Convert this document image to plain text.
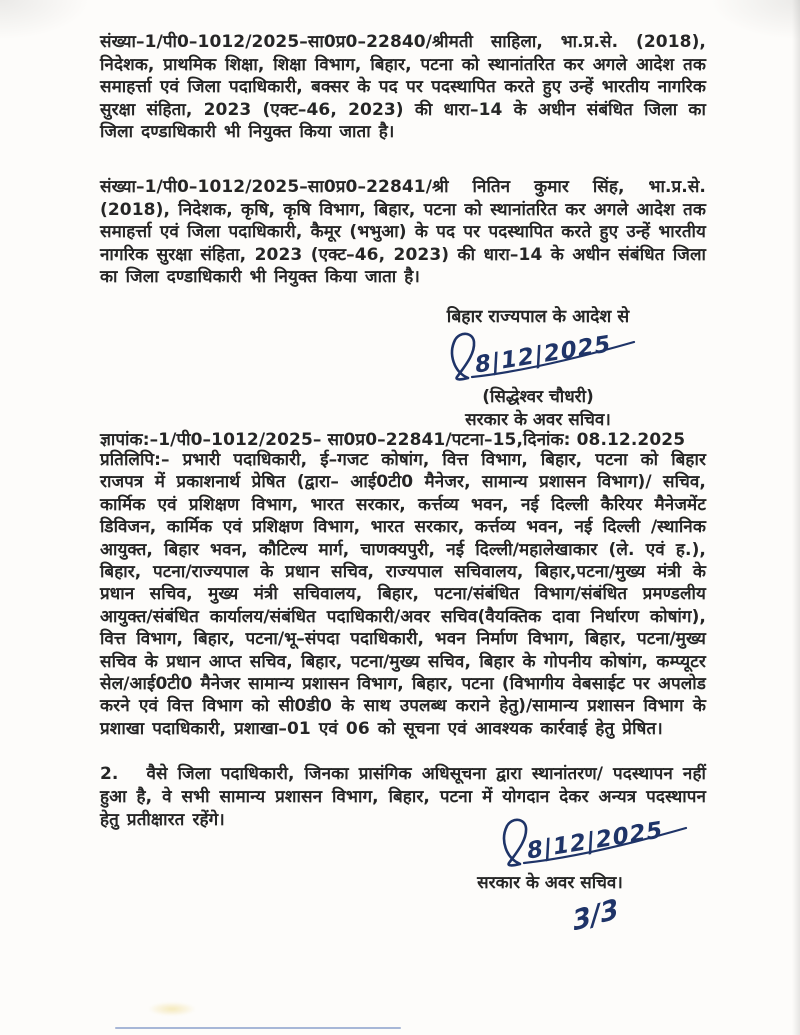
संख्या–1/पी0–1012/2025–सा0प्र0–22840/श्रीमती साहिला, भा.प्र.से. (2018), निदेशक, प्राथमिक शिक्षा, शिक्षा विभाग, बिहार, पटना को स्थानांतरित कर अगले आदेश तक समाहर्त्ता एवं जिला पदाधिकारी, बक्सर के पद पर पदस्थापित करते हुए उन्हें भारतीय नागरिक सुरक्षा संहिता, 2023 (एक्ट–46, 2023) की धारा–14 के अधीन संबंधित जिला का जिला दण्डाधिकारी भी नियुक्त किया जाता है।

संख्या–1/पी0–1012/2025–सा0प्र0–22841/श्री नितिन कुमार सिंह, भा.प्र.से. (2018), निदेशक, कृषि, कृषि विभाग, बिहार, पटना को स्थानांतरित कर अगले आदेश तक समाहर्त्ता एवं जिला पदाधिकारी, कैमूर (भभुआ) के पद पर पदस्थापित करते हुए उन्हें भारतीय नागरिक सुरक्षा संहिता, 2023 (एक्ट–46, 2023) की धारा–14 के अधीन संबंधित जिला का जिला दण्डाधिकारी भी नियुक्त किया जाता है।

बिहार राज्यपाल के आदेश से
8|12|2025
(सिद्धेश्वर चौधरी)
सरकार के अवर सचिव।
ज्ञापांक:–1/पी0–1012/2025– सा0प्र0–22841/पटना–15,दिनांक: 08.12.2025

प्रतिलिपि:– प्रभारी पदाधिकारी, ई–गजट कोषांग, वित्त विभाग, बिहार, पटना को बिहार राजपत्र में प्रकाशनार्थ प्रेषित (द्वारा– आई0टी0 मैनेजर, सामान्य प्रशासन विभाग)/ सचिव, कार्मिक एवं प्रशिक्षण विभाग, भारत सरकार, कर्त्तव्य भवन, नई दिल्ली कैरियर मैनेजमेंट डिविजन, कार्मिक एवं प्रशिक्षण विभाग, भारत सरकार, कर्त्तव्य भवन, नई दिल्ली /स्थानिक आयुक्त, बिहार भवन, कौटिल्य मार्ग, चाणक्यपुरी, नई दिल्ली/महालेखाकार (ले. एवं ह.), बिहार, पटना/राज्यपाल के प्रधान सचिव, राज्यपाल सचिवालय, बिहार,पटना/मुख्य मंत्री के प्रधान सचिव, मुख्य मंत्री सचिवालय, बिहार, पटना/संबंधित विभाग/संबंधित प्रमण्डलीय आयुक्त/संबंधित कार्यालय/संबंधित पदाधिकारी/अवर सचिव(वैयक्तिक दावा निर्धारण कोषांग), वित्त विभाग, बिहार, पटना/भू–संपदा पदाधिकारी, भवन निर्माण विभाग, बिहार, पटना/मुख्य सचिव के प्रधान आप्त सचिव, बिहार, पटना/मुख्य सचिव, बिहार के गोपनीय कोषांग, कम्प्यूटर सेल/आई0टी0 मैनेजर सामान्य प्रशासन विभाग, बिहार, पटना (विभागीय वेबसाईट पर अपलोड करने एवं वित्त विभाग को सी0डी0 के साथ उपलब्ध कराने हेतु)/सामान्य प्रशासन विभाग के प्रशाखा पदाधिकारी, प्रशाखा–01 एवं 06 को सूचना एवं आवश्यक कार्रवाई हेतु प्रेषित।

2. वैसे जिला पदाधिकारी, जिनका प्रासंगिक अधिसूचना द्वारा स्थानांतरण/ पदस्थापन नहीं हुआ है, वे सभी सामान्य प्रशासन विभाग, बिहार, पटना में योगदान देकर अन्यत्र पदस्थापन हेतु प्रतीक्षारत रहेंगे।	8|12|2025
सरकार के अवर सचिव।
3/3
